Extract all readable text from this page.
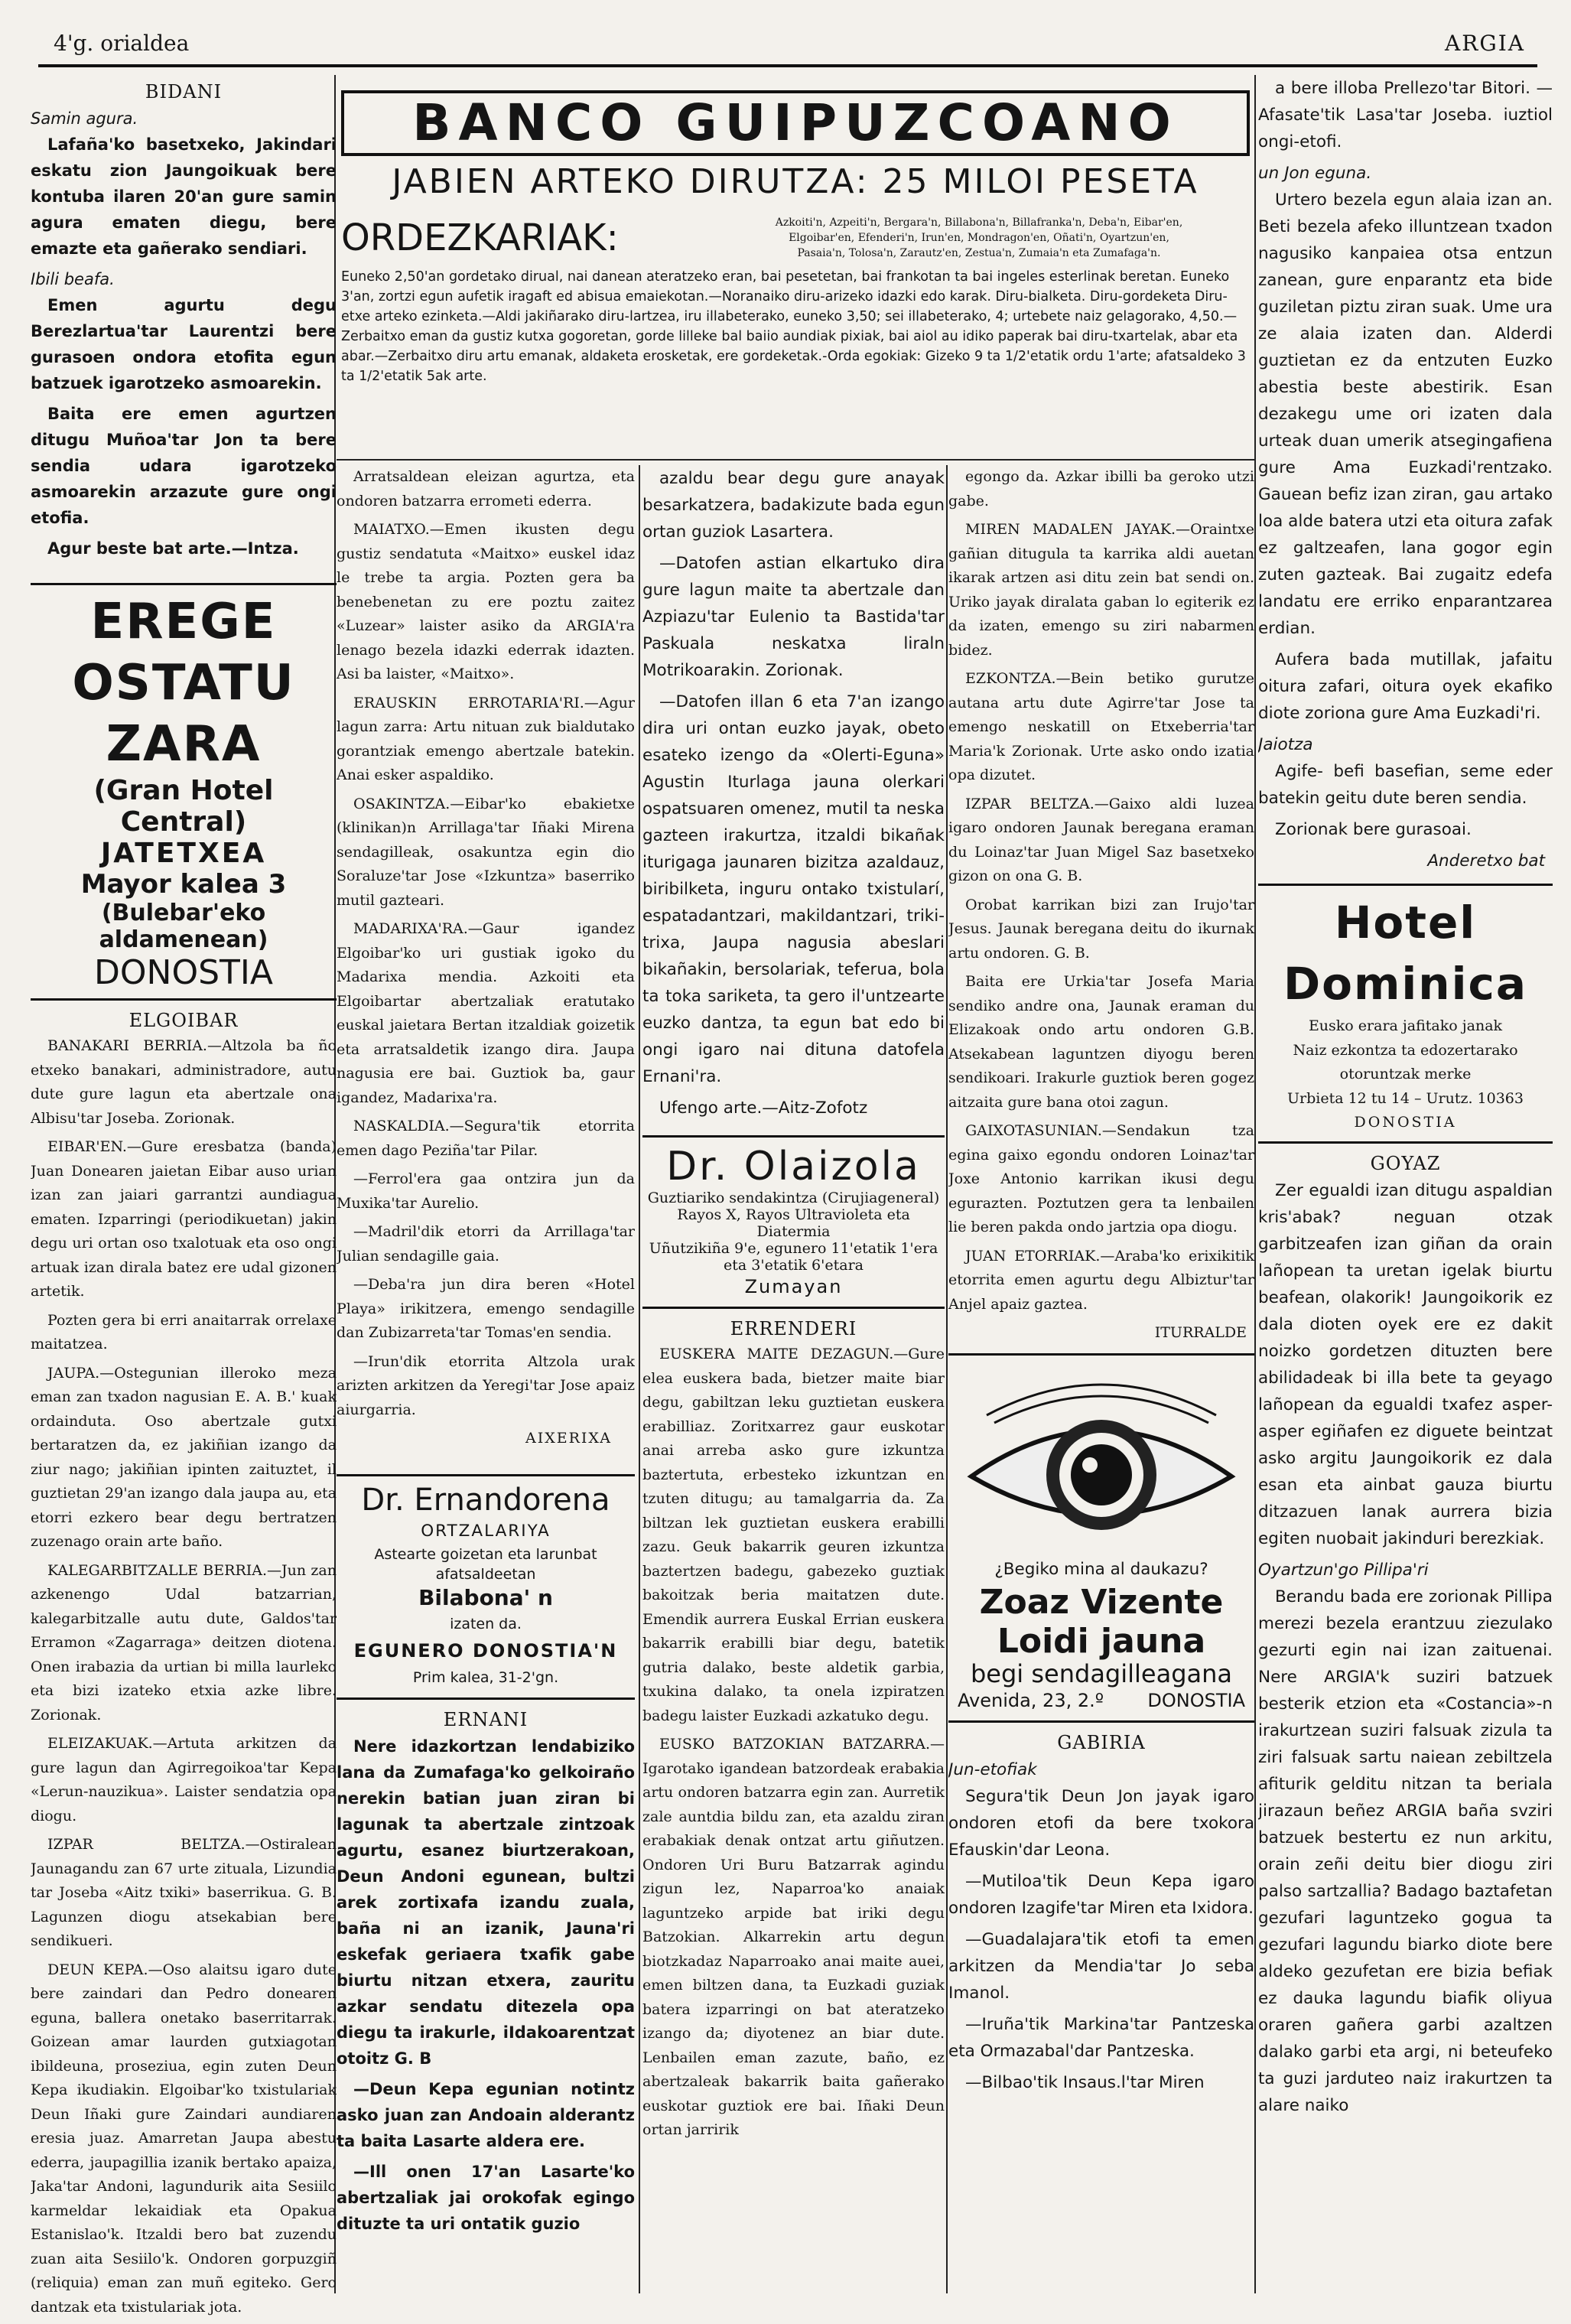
4'g. orialdea	ARGIA
BIDANI
Samin agura.

Lafaña'ko basetxeko, Jakindari eskatu zion Jaungoikuak bere kontuba ilaren 20'an gure samin agura ematen diegu, bere emazte eta gañerako sendiari.

Ibili beafa.

Emen agurtu degu Berezlartua'tar Laurentzi bere gurasoen ondora etofita egun batzuek igarotzeko asmoarekin.

Baita ere emen agurtzen ditugu Muñoa'tar Jon ta bere sendia udara igarotzeko asmoarekin arzazute gure ongi etofia.

Agur beste bat arte.—Intza.

EREGE OSTATU ZARA
(Gran Hotel Central)
JATETXEA
Mayor kalea 3
(Bulebar'eko aldamenean)
DONOSTIA
ELGOIBAR

BANAKARI BERRIA.—Altzola ba ño etxeko banakari, administradore, autu dute gure lagun eta abertzale ona Albisu'tar Joseba. Zorionak.

EIBAR'EN.—Gure eresbatza (banda) Juan Donearen jaietan Eibar auso urian izan zan jaiari garrantzi aundiagua ematen. Izparringi (periodikuetan) jakin degu uri ortan oso txalotuak eta oso ongi artuak izan dirala batez ere udal gizonen artetik.

Pozten gera bi erri anaitarrak orrelaxe maitatzea.

JAUPA.—Ostegunian illeroko meza eman zan txadon nagusian E. A. B.' kuak ordainduta. Oso abertzale gutxi bertaratzen da, ez jakiñian izango da ziur nago; jakiñian ipinten zaituztet, il guztietan 29'an izango dala jaupa au, eta etorri ezkero bear degu bertratzen zuzenago orain arte baño.

KALEGARBITZALLE BERRIA.—Jun zan azkenengo Udal batzarrian, kalegarbitzalle autu dute, Galdos'tar Erramon «Zagarraga» deitzen diotena. Onen irabazia da urtian bi milla laurleko eta bizi izateko etxia azke libre. Zorionak.

ELEIZAKUAK.—Artuta arkitzen da gure lagun dan Agirregoikoa'tar Kepa «Lerun-nauzikua». Laister sendatzia opa diogu.

IZPAR BELTZA.—Ostiralean Jaunagandu zan 67 urte zituala, Lizundia tar Joseba «Aitz txiki» baserrikua. G. B. Lagunzen diogu atsekabian bere sendikueri.

DEUN KEPA.—Oso alaitsu igaro dute bere zaindari dan Pedro donearen eguna, ballera onetako baserritarrak. Goizean amar laurden gutxiagotan ibildeuna, proseziua, egin zuten Deun Kepa ikudiakin. Elgoibar'ko txistulariak Deun Iñaki gure Zaindari aundiaren eresia juaz. Amarretan Jaupa abestu ederra, jaupagillia izanik bertako apaiza, Jaka'tar Andoni, lagundurik aita Sesiilo karmeldar lekaidiak eta Opakua Estanislao'k. Itzaldi bero bat zuzendu zuan aita Sesiilo'k. Ondoren gorpuzgiñ (reliquia) eman zan muñ egiteko. Gero dantzak eta txistulariak jota.

BANCO GUIPUZCOANO
JABIEN ARTEKO DIRUTZA: 25 MILOI PESETA
ORDEZKARIAK:	Azkoiti'n, Azpeiti'n, Bergara'n, Billabona'n, Billafranka'n, Deba'n, Eibar'en,
Elgoibar'en, Efenderi'n, Irun'en, Mondragon'en, Oñati'n, Oyartzun'en,
Pasaia'n, Tolosa'n, Zarautz'en, Zestua'n, Zumaia'n eta Zumafaga'n.
Euneko 2,50'an gordetako dirual, nai danean ateratzeko eran, bai pesetetan, bai frankotan ta bai ingeles esterlinak beretan. Euneko 3'an, zortzi egun aufetik iragaft ed abisua emaiekotan.—Noranaiko diru-arizeko idazki edo karak. Diru-bialketa. Diru-gordeketa Diru-etxe arteko ezinketa.—Aldi jakiñarako diru-lartzea, iru illabeterako, euneko 3,50; sei illabeterako, 4; urtebete naiz gelagorako, 4,50.—Zerbaitxo eman da gustiz kutxa gogoretan, gorde lilleke bal baiio aundiak pixiak, bai aiol au idiko paperak bai diru-txartelak, abar eta abar.—Zerbaitxo diru artu emanak, aldaketa erosketak, ere gordeketak.-Orda egokiak: Gizeko 9 ta 1/2'etatik ordu 1'arte; afatsaldeko 3 ta 1/2'etatik 5ak arte.

Arratsaldean eleizan agurtza, eta ondoren batzarra errometi ederra.

MAIATXO.—Emen ikusten degu gustiz sendatuta «Maitxo» euskel idaz le trebe ta argia. Pozten gera ba benebenetan zu ere poztu zaitez «Luzear» laister asiko da ARGIA'ra lenago bezela idazki ederrak idazten. Asi ba laister, «Maitxo».

ERAUSKIN ERROTARIA'RI.—Agur lagun zarra: Artu nituan zuk bialdutako gorantziak emengo abertzale batekin. Anai esker aspaldiko.

OSAKINTZA.—Eibar'ko ebakietxe (klinikan)n Arrillaga'tar Iñaki Mirena sendagilleak, osakuntza egin dio Soraluze'tar Jose «Izkuntza» baserriko mutil gazteari.

MADARIXA'RA.—Gaur igandez Elgoibar'ko uri gustiak igoko du Madarixa mendia. Azkoiti eta Elgoibartar abertzaliak eratutako euskal jaietara Bertan itzaldiak goizetik eta arratsaldetik izango dira. Jaupa nagusia ere bai. Guztiok ba, gaur igandez, Madarixa'ra.

NASKALDIA.—Segura'tik etorrita emen dago Peziña'tar Pilar.

—Ferrol'era gaa ontzira jun da Muxika'tar Aurelio.

—Madril'dik etorri da Arrillaga'tar Julian sendagille gaia.

—Deba'ra jun dira beren «Hotel Playa» irikitzera, emengo sendagille dan Zubizarreta'tar Tomas'en sendia.

—Irun'dik etorrita Altzola urak arizten arkitzen da Yeregi'tar Jose apaiz aiurgarria.

AIXERIXA
Dr. Ernandorena
ORTZALARIYA
Astearte goizetan eta larunbat afatsaldeetan
Bilabona' n
izaten da.
EGUNERO DONOSTIA'N
Prim kalea, 31-2'gn.
ERNANI

Nere idazkortzan lendabiziko lana da Zumafaga'ko gelkoiraño nerekin batian juan ziran bi lagunak ta abertzale zintzoak agurtu, esanez biurtzerakoan, Deun Andoni egunean, bultzi arek zortixafa izandu zuala, baña ni an izanik, Jauna'ri eskefak geriaera txafik gabe biurtu nitzan etxera, zauritu azkar sendatu ditezela opa diegu ta irakurle, iIdakoarentzat otoitz G. B

—Deun Kepa egunian notintz asko juan zan Andoain alderantz ta baita Lasarte aldera ere.

—Ill onen 17'an Lasarte'ko abertzaliak jai orokofak egingo dituzte ta uri ontatik guzio

azaldu bear degu gure anayak besarkatzera, badakizute bada egun ortan guziok Lasartera.

—Datofen astian elkartuko dira gure lagun maite ta abertzale dan Azpiazu'tar Eulenio ta Bastida'tar Paskuala neskatxa liraln Motrikoarakin. Zorionak.

—Datofen illan 6 eta 7'an izango dira uri ontan euzko jayak, obeto esateko izengo da «Olerti-Eguna» Agustin Iturlaga jauna olerkari ospatsuaren omenez, mutil ta neska gazteen irakurtza, itzaldi bikañak iturigaga jaunaren bizitza azaldauz, biribilketa, inguru ontako txistularí, espatadantzari, makildantzari, triki-trixa, Jaupa nagusia abeslari bikañakin, bersolariak, teferua, bola ta toka sariketa, ta gero il'untzearte euzko dantza, ta egun bat edo bi ongi igaro nai dituna datofela Ernani'ra.

Ufengo arte.—Aitz-Zofotz

Dr. Olaizola
Guztiariko sendakintza (Cirujiageneral)
Rayos X, Rayos Ultravioleta eta Diatermia
Uñutzikiña 9'e, egunero 11'etatik 1'era eta 3'etatik 6'etara
Zumayan
ERRENDERI

EUSKERA MAITE DEZAGUN.—Gure elea euskera bada, bietzer maite biar degu, gabiltzan leku guztietan euskera erabilliaz. Zoritxarrez gaur euskotar anai arreba asko gure izkuntza baztertuta, erbesteko izkuntzan en tzuten ditugu; au tamalgarria da. Za biltzan lek guztietan euskera erabilli zazu. Geuk bakarrik geuren izkuntza baztertzen badegu, gabezeko guztiak bakoitzak beria maitatzen dute. Emendik aurrera Euskal Errian euskera bakarrik erabilli biar degu, batetik gutria dalako, beste aldetik garbia, txukina dalako, ta onela izpiratzen badegu laister Euzkadi azkatuko degu.

EUSKO BATZOKIAN BATZARRA.—Igarotako igandean batzordeak erabakia artu ondoren batzarra egin zan. Aurretik zale auntdia bildu zan, eta azaldu ziran erabakiak denak ontzat artu giñutzen. Ondoren Uri Buru Batzarrak agindu zigun lez, Naparroa'ko anaiak laguntzeko arpide bat iriki degu Batzokian. Alkarrekin artu degun biotzkadaz Naparroako anai maite auei, emen biltzen dana, ta Euzkadi guziak batera izparringi on bat ateratzeko izango da; diyotenez an biar dute. Lenbailen eman zazute, baño, ez abertzaleak bakarrik baita gañerako euskotar guztiok ere bai. Iñaki Deun ortan jarririk

egongo da. Azkar ibilli ba geroko utzi gabe.

MIREN MADALEN JAYAK.—Oraintxe gañian ditugula ta karrika aldi auetan ikarak artzen asi ditu zein bat sendi on. Uriko jayak diralata gaban lo egiterik ez da izaten, emengo su ziri nabarmen bidez.

EZKONTZA.—Bein betiko gurutze autana artu dute Agirre'tar Jose ta emengo neskatill on Etxeberria'tar Maria'k Zorionak. Urte asko ondo izatia opa dizutet.

IZPAR BELTZA.—Gaixo aldi luzea igaro ondoren Jaunak beregana eraman du Loinaz'tar Juan Migel Saz basetxeko gizon on ona G. B.

Orobat karrikan bizi zan Irujo'tar Jesus. Jaunak beregana deitu do ikurnak artu ondoren. G. B.

Baita ere Urkia'tar Josefa Maria sendiko andre ona, Jaunak eraman du Elizakoak ondo artu ondoren G.B. Atsekabean laguntzen diyogu beren sendikoari. Irakurle guztiok beren gogez aitzaita gure bana otoi zagun.

GAIXOTASUNIAN.—Sendakun tza egina gaixo egondu ondoren Loinaz'tar Joxe Antonio karrikan ikusi degu egurazten. Poztutzen gera ta lenbailen lie beren pakda ondo jartzia opa diogu.

JUAN ETORRIAK.—Araba'ko erixikitik etorrita emen agurtu degu Albiztur'tar Anjel apaiz gaztea.

ITURRALDE
¿Begiko mina al daukazu?
Zoaz Vizente Loidi jauna
begi sendagilleagana
Avenida, 23, 2.º DONOSTIA
GABIRIA
Jun-etofiak

Segura'tik Deun Jon jayak igaro ondoren etofi da bere txokora Efauskin'dar Leona.

—Mutiloa'tik Deun Kepa igaro ondoren Izagife'tar Miren eta Ixidora.

—Guadalajara'tik etofi ta emen arkitzen da Mendia'tar Jo seba Imanol.

—Iruña'tik Markina'tar Pantzeska eta Ormazabal'dar Pantzeska.

—Bilbao'tik Insaus.l'tar Miren

a bere illoba Prellezo'tar Bitori. —Afasate'tik Lasa'tar Joseba. iuztiol ongi-etofi.

un Jon eguna.

Urtero bezela egun alaia izan an. Beti bezela afeko illuntzean txadon nagusiko kanpaiea otsa entzun zanean, gure enparantz eta bide guziletan piztu ziran suak. Ume ura ze alaia izaten dan. Alderdi guztietan ez da entzuten Euzko abestia beste abestirik. Esan dezakegu ume ori izaten dala urteak duan umerik atsegingafiena gure Ama Euzkadi'rentzako. Gauean befiz izan ziran, gau artako loa alde batera utzi eta oitura zafak ez galtzeafen, lana gogor egin zuten gazteak. Bai zugaitz edefa landatu ere erriko enparantzarea erdian.

Aufera bada mutillak, jafaitu oitura zafari, oitura oyek ekafiko diote zoriona gure Ama Euzkadi'ri.

Jaiotza

Agife- befi basefian, seme eder batekin geitu dute beren sendia.

Zorionak bere gurasoai.

Anderetxo bat
Hotel Dominica
Eusko erara jafitako janak
Naiz ezkontza ta edozertarako otoruntzak merke
Urbieta 12 tu 14 – Urutz. 10363
DONOSTIA
GOYAZ

Zer egualdi izan ditugu aspaldian kris'abak? neguan otzak garbitzeafen izan giñan da orain lañopean ta uretan igelak biurtu beafean, olakorik! Jaungoikorik ez dala dioten oyek ere ez dakit noizko gordetzen dituzten bere abilidadeak bi illa bete ta geyago lañopean da egualdi txafez asper-asper egiñafen ez diguete beintzat asko argitu Jaungoikorik ez dala esan eta ainbat gauza biurtu ditzazuen lanak aurrera bizia egiten nuobait jakinduri berezkiak.

Oyartzun'go Pillipa'ri

Berandu bada ere zorionak Pillipa merezi bezela erantzuu ziezulako gezurti egin nai izan zaituenai. Nere ARGIA'k suziri batzuek besterik etzion eta «Costancia»-n irakurtzean suziri falsuak zizula ta ziri falsuak sartu naiean zebiltzela afiturik gelditu nitzan ta beriala jirazaun beñez ARGIA baña svziri batzuek bestertu ez nun arkitu, orain zeñi deitu bier diogu ziri palso sartzallia? Badago baztafetan gezufari laguntzeko gogua ta gezufari lagundu biarko diote bere aldeko gezufetan ere bizia befiak ez dauka lagundu biafik oliyua oraren gañera garbi azaltzen dalako garbi eta argi, ni beteufeko ta guzi jarduteo naiz irakurtzen ta alare naiko
